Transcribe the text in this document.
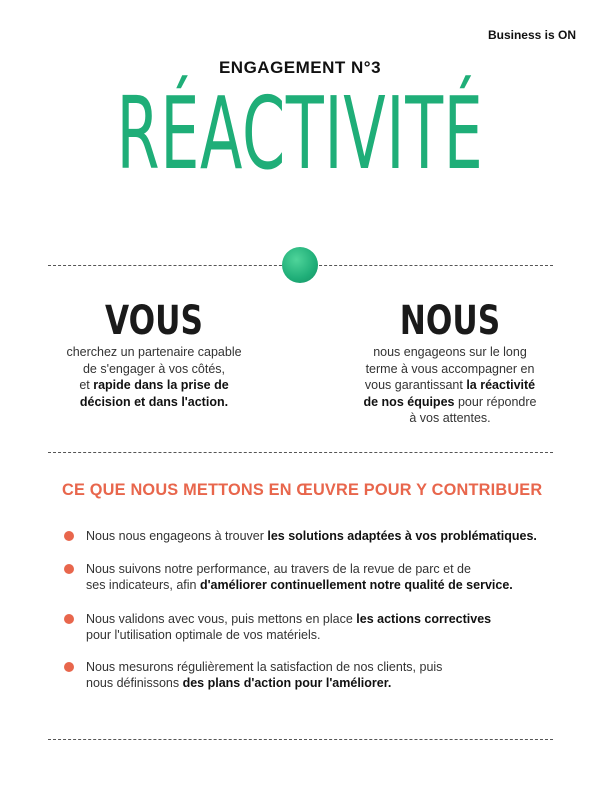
Business is ON
ENGAGEMENT N°3
RÉACTIVITÉ
VOUS
cherchez un partenaire capable
de s'engager à vos côtés,
et rapide dans la prise de
décision et dans l'action.
NOUS
nous engageons sur le long
terme à vous accompagner en
vous garantissant la réactivité
de nos équipes pour répondre
à vos attentes.
CE QUE NOUS METTONS EN ŒUVRE POUR Y CONTRIBUER
Nous nous engageons à trouver les solutions adaptées à vos problématiques.
Nous suivons notre performance, au travers de la revue de parc et de
ses indicateurs, afin d'améliorer continuellement notre qualité de service.
Nous validons avec vous, puis mettons en place les actions correctives
pour l'utilisation optimale de vos matériels.
Nous mesurons régulièrement la satisfaction de nos clients, puis
nous définissons des plans d'action pour l'améliorer.
